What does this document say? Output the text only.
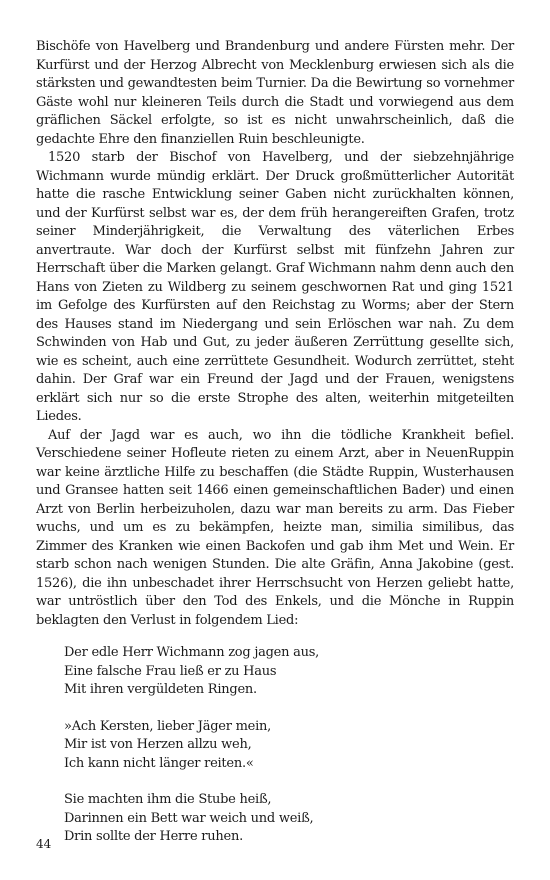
Bischöfe von Havelberg und Brandenburg und andere Fürsten mehr. Der Kurfürst und der Herzog Albrecht von Mecklenburg erwiesen sich als die stärksten und gewandtesten beim Turnier. Da die Bewirtung so vornehmer Gäste wohl nur kleineren Teils durch die Stadt und vorwiegend aus dem gräflichen Säckel erfolgte, so ist es nicht unwahrscheinlich, daß die gedachte Ehre den finanziellen Ruin beschleunigte.

1520 starb der Bischof von Havelberg, und der siebzehnjährige Wichmann wurde mündig erklärt. Der Druck großmütterlicher Autorität hatte die rasche Entwicklung seiner Gaben nicht zurückhalten können, und der Kurfürst selbst war es, der dem früh herangereiften Grafen, trotz seiner Minderjährigkeit, die Verwaltung des väterlichen Erbes anvertraute. War doch der Kurfürst selbst mit fünfzehn Jahren zur Herrschaft über die Marken gelangt. Graf Wichmann nahm denn auch den Hans von Zieten zu Wildberg zu seinem geschwornen Rat und ging 1521 im Gefolge des Kurfürsten auf den Reichstag zu Worms; aber der Stern des Hauses stand im Niedergang und sein Erlöschen war nah. Zu dem Schwinden von Hab und Gut, zu jeder äußeren Zerrüttung gesellte sich, wie es scheint, auch eine zerrüttete Gesundheit. Wodurch zerrüttet, steht dahin. Der Graf war ein Freund der Jagd und der Frauen, wenigstens erklärt sich nur so die erste Strophe des alten, weiterhin mitgeteilten Liedes.

Auf der Jagd war es auch, wo ihn die tödliche Krankheit befiel. Verschiedene seiner Hofleute rieten zu einem Arzt, aber in NeuenRuppin war keine ärztliche Hilfe zu beschaffen (die Städte Ruppin, Wusterhausen und Gransee hatten seit 1466 einen gemeinschaftlichen Bader) und einen Arzt von Berlin herbeizuholen, dazu war man bereits zu arm. Das Fieber wuchs, und um es zu bekämpfen, heizte man, similia similibus, das Zimmer des Kranken wie einen Backofen und gab ihm Met und Wein. Er starb schon nach wenigen Stunden. Die alte Gräfin, Anna Jakobine (gest. 1526), die ihn unbeschadet ihrer Herrschsucht von Herzen geliebt hatte, war untröstlich über den Tod des Enkels, und die Mönche in Ruppin beklagten den Verlust in folgendem Lied:

Der edle Herr Wichmann zog jagen aus,
Eine falsche Frau ließ er zu Haus
Mit ihren vergüldeten Ringen.
»Ach Kersten, lieber Jäger mein,
Mir ist von Herzen allzu weh,
Ich kann nicht länger reiten.«
Sie machten ihm die Stube heiß,
Darinnen ein Bett war weich und weiß,
Drin sollte der Herre ruhen.
44
